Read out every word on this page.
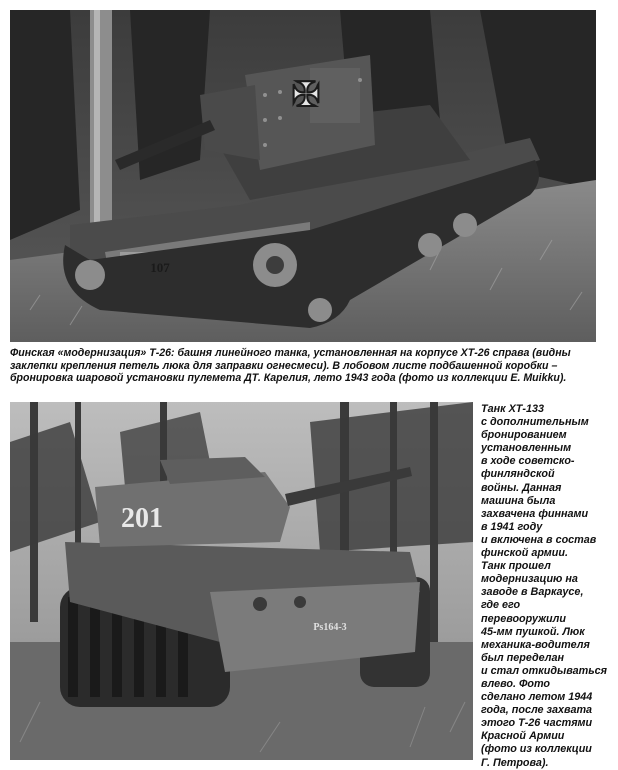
✠
107
Финская «модернизация» Т-26: башня линейного танка, установленная на корпусе ХТ-26 справа (видны заклепки крепления петель люка для заправки огнесмеси). В лобовом листе подбашенной коробки – бронировка шаровой установки пулемета ДТ. Карелия, лето 1943 года (фото из коллекции Е. Muikku).
201
Ps164-3
Танк ХТ-133
с дополнительным
бронированием
установленным
в ходе советско-
финляндской
войны. Данная
машина была
захвачена финнами
в 1941 году
и включена в состав
финской армии.
Танк прошел
модернизацию на
заводе в Варкаусе,
где его
перевооружили
45-мм пушкой. Люк
механика-водителя
был переделан
и стал откидываться
влево. Фото
сделано летом 1944
года, после захвата
этого Т-26 частями
Красной Армии
(фото из коллекции
Г. Петрова).
